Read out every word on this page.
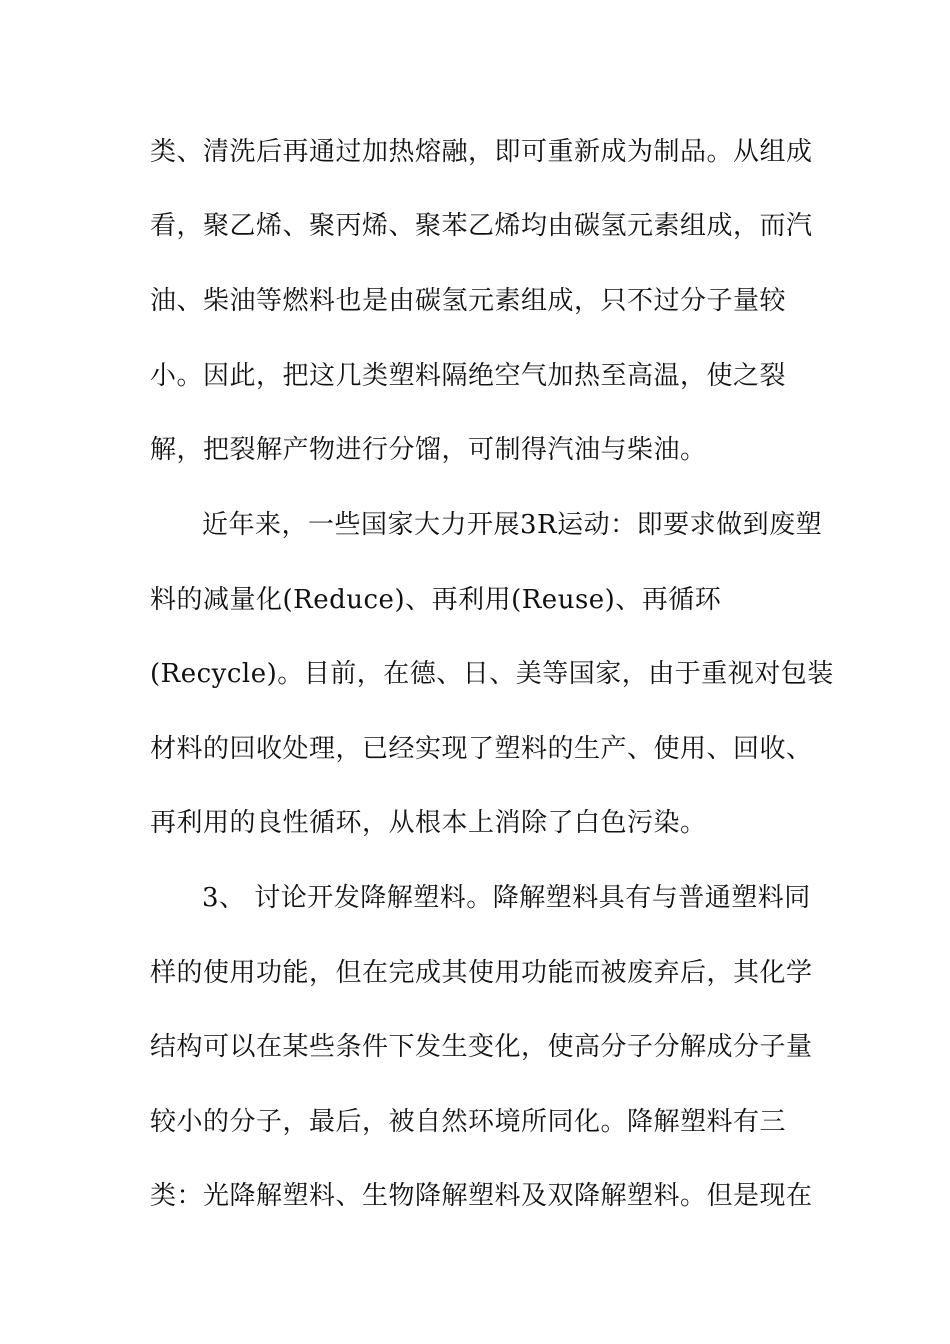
类、清洗后再通过加热熔融，即可重新成为制品。从组成
看，聚乙烯、聚丙烯、聚苯乙烯均由碳氢元素组成，而汽
油、柴油等燃料也是由碳氢元素组成，只不过分子量较
小。因此，把这几类塑料隔绝空气加热至高温，使之裂
解，把裂解产物进行分馏，可制得汽油与柴油。
近年来，一些国家大力开展3R运动：即要求做到废塑
料的减量化(Reduce)、再利用(Reuse)、再循环
(Recycle)。目前，在德、日、美等国家，由于重视对包装
材料的回收处理，已经实现了塑料的生产、使用、回收、
再利用的良性循环，从根本上消除了白色污染。
3、 讨论开发降解塑料。降解塑料具有与普通塑料同
样的使用功能，但在完成其使用功能而被废弃后，其化学
结构可以在某些条件下发生变化，使高分子分解成分子量
较小的分子，最后，被自然环境所同化。降解塑料有三
类：光降解塑料、生物降解塑料及双降解塑料。但是现在
